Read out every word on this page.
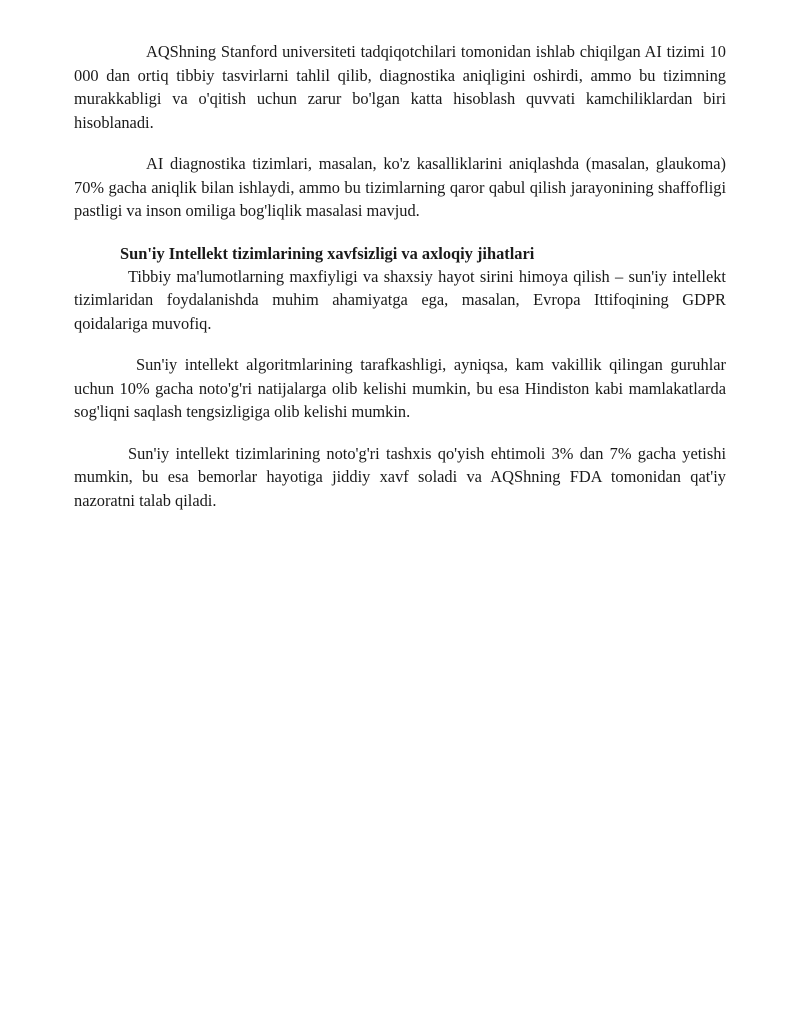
AQShning Stanford universiteti tadqiqotchilari tomonidan ishlab chiqilgan AI tizimi 10 000 dan ortiq tibbiy tasvirlarni tahlil qilib, diagnostika aniqligini oshirdi, ammo bu tizimning murakkabligi va o'qitish uchun zarur bo'lgan katta hisoblash quvvati kamchiliklardan biri hisoblanadi.

AI diagnostika tizimlari, masalan, ko'z kasalliklarini aniqlashda (masalan, glaukoma) 70% gacha aniqlik bilan ishlaydi, ammo bu tizimlarning qaror qabul qilish jarayonining shaffofligi pastligi va inson omiliga bog'liqlik masalasi mavjud.

Sun'iy Intellekt tizimlarining xavfsizligi va axloqiy jihatlari

Tibbiy ma'lumotlarning maxfiyligi va shaxsiy hayot sirini himoya qilish – sun'iy intellekt tizimlaridan foydalanishda muhim ahamiyatga ega, masalan, Evropa Ittifoqining GDPR qoidalariga muvofiq.

Sun'iy intellekt algoritmlarining tarafkashligi, ayniqsa, kam vakillik qilingan guruhlar uchun 10% gacha noto'g'ri natijalarga olib kelishi mumkin, bu esa Hindiston kabi mamlakatlarda sog'liqni saqlash tengsizligiga olib kelishi mumkin.

Sun'iy intellekt tizimlarining noto'g'ri tashxis qo'yish ehtimoli 3% dan 7% gacha yetishi mumkin, bu esa bemorlar hayotiga jiddiy xavf soladi va AQShning FDA tomonidan qat'iy nazoratni talab qiladi.
